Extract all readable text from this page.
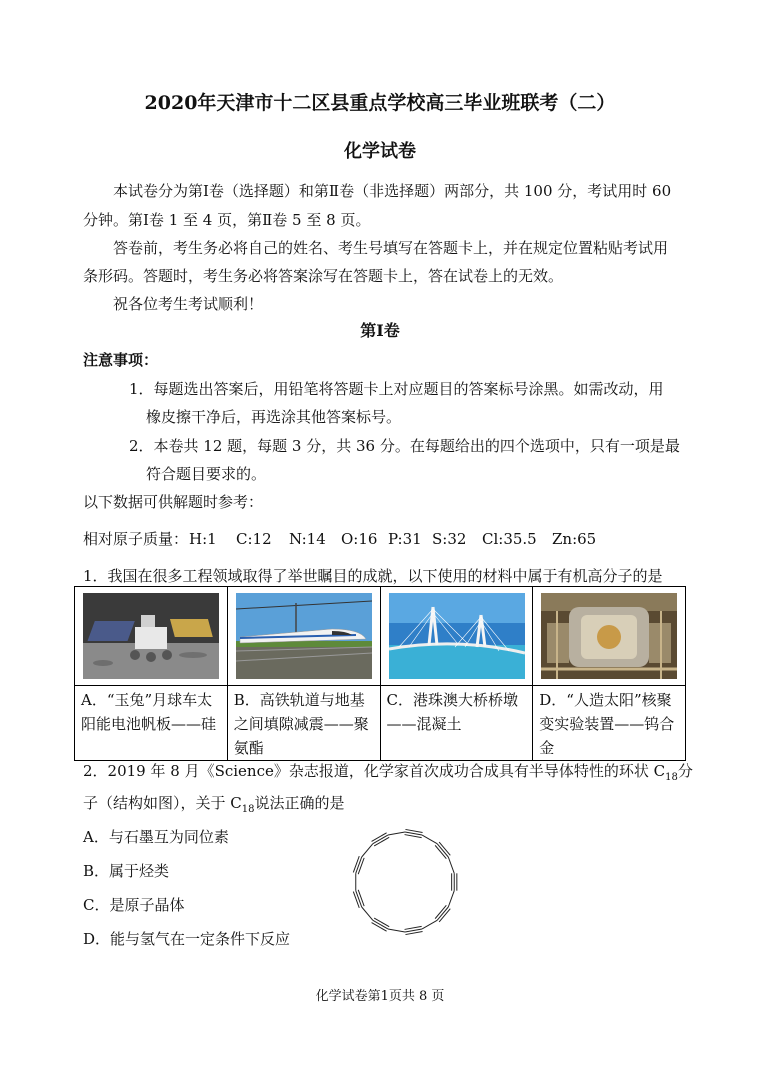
2020年天津市十二区县重点学校高三毕业班联考（二）
化学试卷
本试卷分为第Ⅰ卷（选择题）和第Ⅱ卷（非选择题）两部分，共 100 分，考试用时 60
分钟。第Ⅰ卷 1 至 4 页，第Ⅱ卷 5 至 8 页。
答卷前，考生务必将自己的姓名、考生号填写在答题卡上，并在规定位置粘贴考试用
条形码。答题时，考生务必将答案涂写在答题卡上，答在试卷上的无效。
祝各位考生考试顺利！
第Ⅰ卷
注意事项：
1．每题选出答案后，用铅笔将答题卡上对应题目的答案标号涂黑。如需改动，用
橡皮擦干净后，再选涂其他答案标号。
2．本卷共 12 题，每题 3 分，共 36 分。在每题给出的四个选项中，只有一项是最
符合题目要求的。
以下数据可供解题时参考：
相对原子质量： H:1 C:12 N:14 O:16 P:31 S:32 Cl:35.5 Zn:65
1．我国在很多工程领域取得了举世瞩目的成就，以下使用的材料中属于有机高分子的是

A．“玉兔”月球车太阳能电池帆板——硅	B．高铁轨道与地基之间填隙减震——聚氨酯	C．港珠澳大桥桥墩——混凝土	D．“人造太阳”核聚变实验装置——钨合金
2．2019 年 8 月《Science》杂志报道，化学家首次成功合成具有半导体特性的环状 $C_{18}$分
子（结构如图），关于 $C_{18}$说法正确的是
A．与石墨互为同位素
B．属于烃类
C．是原子晶体
D．能与氢气在一定条件下反应
化学试卷第1页共 8 页
